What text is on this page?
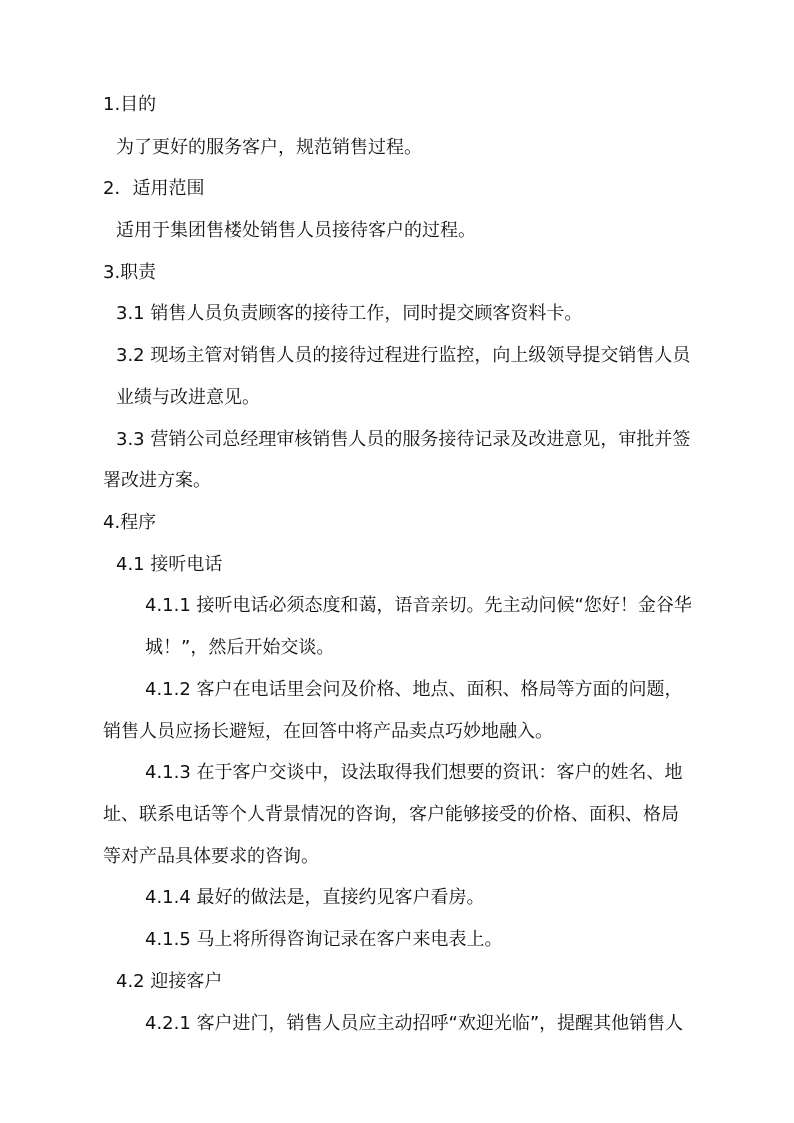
1.目的
为了更好的服务客户，规范销售过程。
2．适用范围
适用于集团售楼处销售人员接待客户的过程。
3.职责
3.1 销售人员负责顾客的接待工作，同时提交顾客资料卡。
3.2 现场主管对销售人员的接待过程进行监控，向上级领导提交销售人员
业绩与改进意见。
3.3 营销公司总经理审核销售人员的服务接待记录及改进意见，审批并签
署改进方案。
4.程序
4.1 接听电话
4.1.1 接听电话必须态度和蔼，语音亲切。先主动问候“您好！金谷华
城！”，然后开始交谈。
4.1.2 客户在电话里会问及价格、地点、面积、格局等方面的问题，
销售人员应扬长避短，在回答中将产品卖点巧妙地融入。
4.1.3 在于客户交谈中，设法取得我们想要的资讯：客户的姓名、地
址、联系电话等个人背景情况的咨询，客户能够接受的价格、面积、格局
等对产品具体要求的咨询。
4.1.4 最好的做法是，直接约见客户看房。
4.1.5 马上将所得咨询记录在客户来电表上。
4.2 迎接客户
4.2.1 客户进门，销售人员应主动招呼“欢迎光临”，提醒其他销售人
